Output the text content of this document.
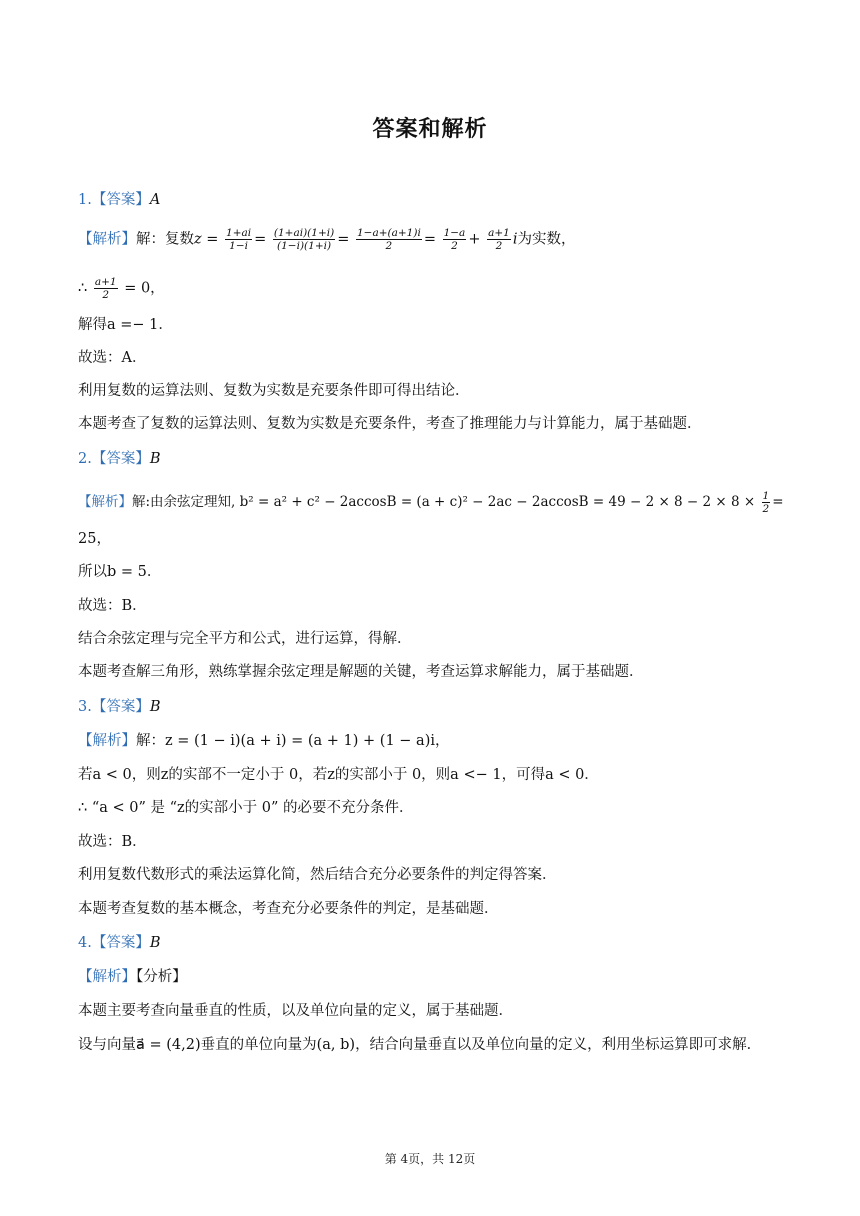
答案和解析
1.【答案】A
【解析】解：复数$z = \frac{1+ai}{1-i} = \frac{(1+ai)(1+i)}{(1-i)(1+i)} = \frac{1-a+(a+1)i}{2} = \frac{1-a}{2} + \frac{a+1}{2}$ i为实数，
∴ $\frac{a+1}{2} = 0$，
解得a =− 1．
故选：A．
利用复数的运算法则、复数为实数是充要条件即可得出结论．
本题考查了复数的运算法则、复数为实数是充要条件，考查了推理能力与计算能力，属于基础题．
2.【答案】B
【解析】解:由余弦定理知, $b^2 = a^2 + c^2 - 2accosB = (a + c)^2 - 2ac - 2accosB = 49 - 2 \times 8 - 2 \times 8 \times \frac{1}{2}$ =
25，
所以b = 5．
故选：B．
结合余弦定理与完全平方和公式，进行运算，得解．
本题考查解三角形，熟练掌握余弦定理是解题的关键，考查运算求解能力，属于基础题．
3.【答案】B
【解析】解：z = (1 − i)(a + i) = (a + 1) + (1 − a)i，
若a < 0，则z的实部不一定小于 0，若z的实部小于 0，则a <− 1，可得a < 0．
∴ “a < 0” 是 “z的实部小于 0” 的必要不充分条件．
故选：B．
利用复数代数形式的乘法运算化简，然后结合充分必要条件的判定得答案．
本题考查复数的基本概念，考查充分必要条件的判定，是基础题．
4.【答案】B
【解析】【分析】
本题主要考查向量垂直的性质，以及单位向量的定义，属于基础题．
设与向量a⃗ = (4,2)垂直的单位向量为(a, b)，结合向量垂直以及单位向量的定义，利用坐标运算即可求解．
第 4页，共 12页
